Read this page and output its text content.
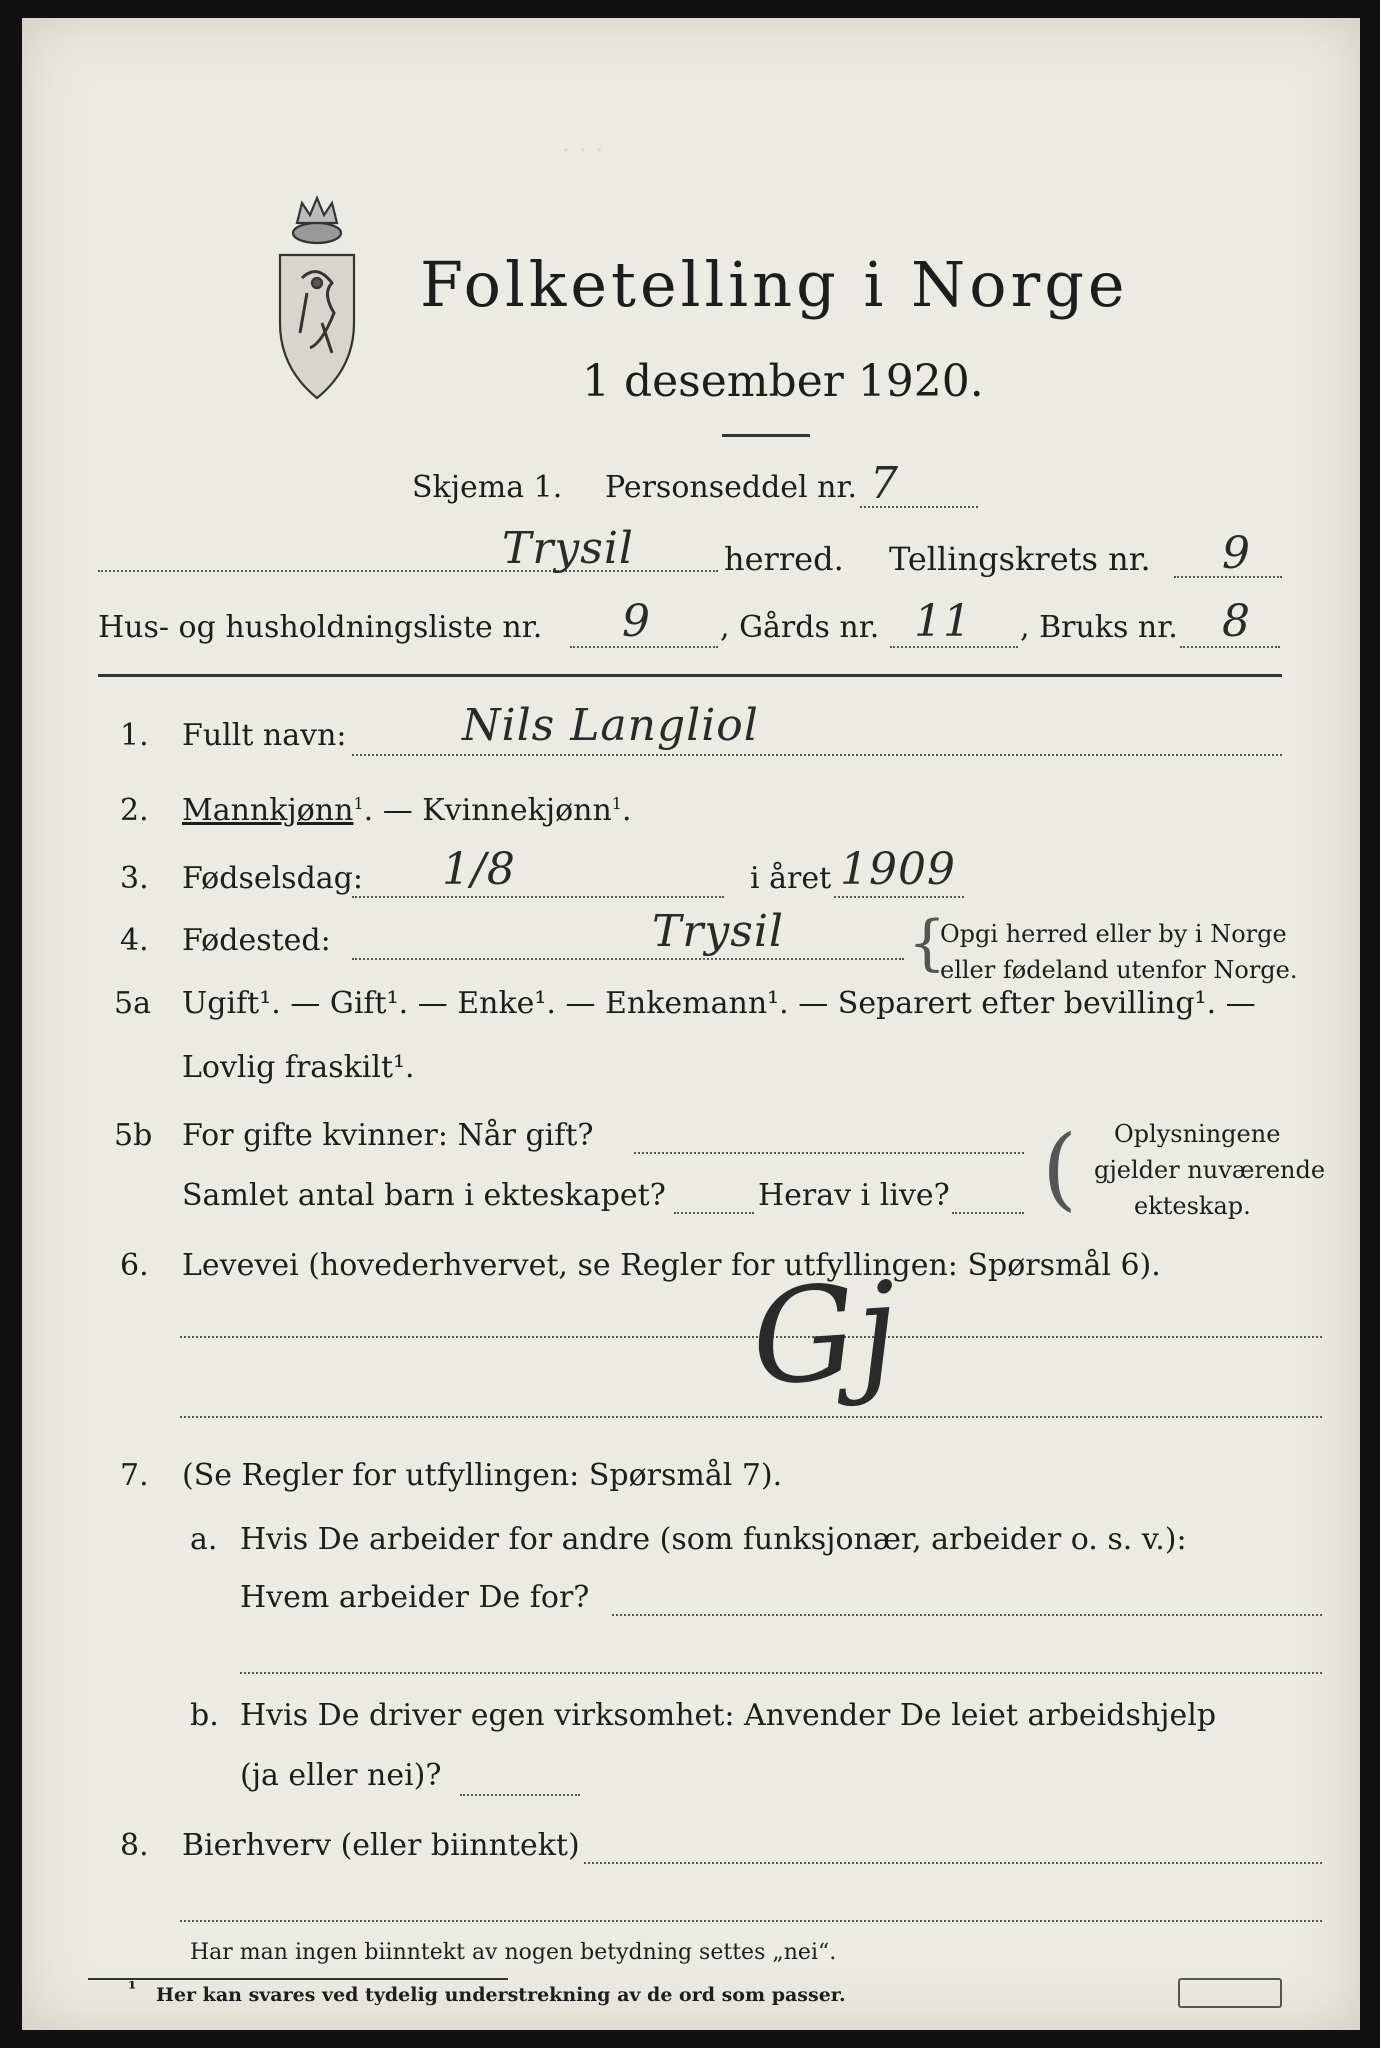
· · ·
Folketelling i Norge
1 desember 1920.
Skjema 1. Personseddel nr. 7
Trysil	herred. Tellingskrets nr. 9
Hus- og husholdningsliste nr. 9 , Gårds nr. 11 , Bruks nr. 8
1. Fullt navn:	Nils Langliol
2. Mannkjønn$^1$. — Kvinnekjønn$^1$.
3. Fødselsdag: 1/8	i året 1909
4. Fødested:	Trysil {
Opgi herred eller by i Norge
eller fødeland utenfor Norge.
5a Ugift¹. — Gift¹. — Enke¹. — Enkemann¹. — Separert efter bevilling¹. —
Lovlig fraskilt¹.
5b For gifte kvinner: Når gift?
Samlet antal barn i ekteskapet?	Herav i live? ( Oplysningene
gjelder nuværende
ekteskap.
6. Levevei (hovederhvervet, se Regler for utfyllingen: Spørsmål 6).
Gj
7. (Se Regler for utfyllingen: Spørsmål 7).
a. Hvis De arbeider for andre (som funksjonær, arbeider o. s. v.):
Hvem arbeider De for?
b. Hvis De driver egen virksomhet: Anvender De leiet arbeidshjelp
(ja eller nei)?
8. Bierhverv (eller biinntekt)
Har man ingen biinntekt av nogen betydning settes „nei“.
¹ Her kan svares ved tydelig understrekning av de ord som passer.
